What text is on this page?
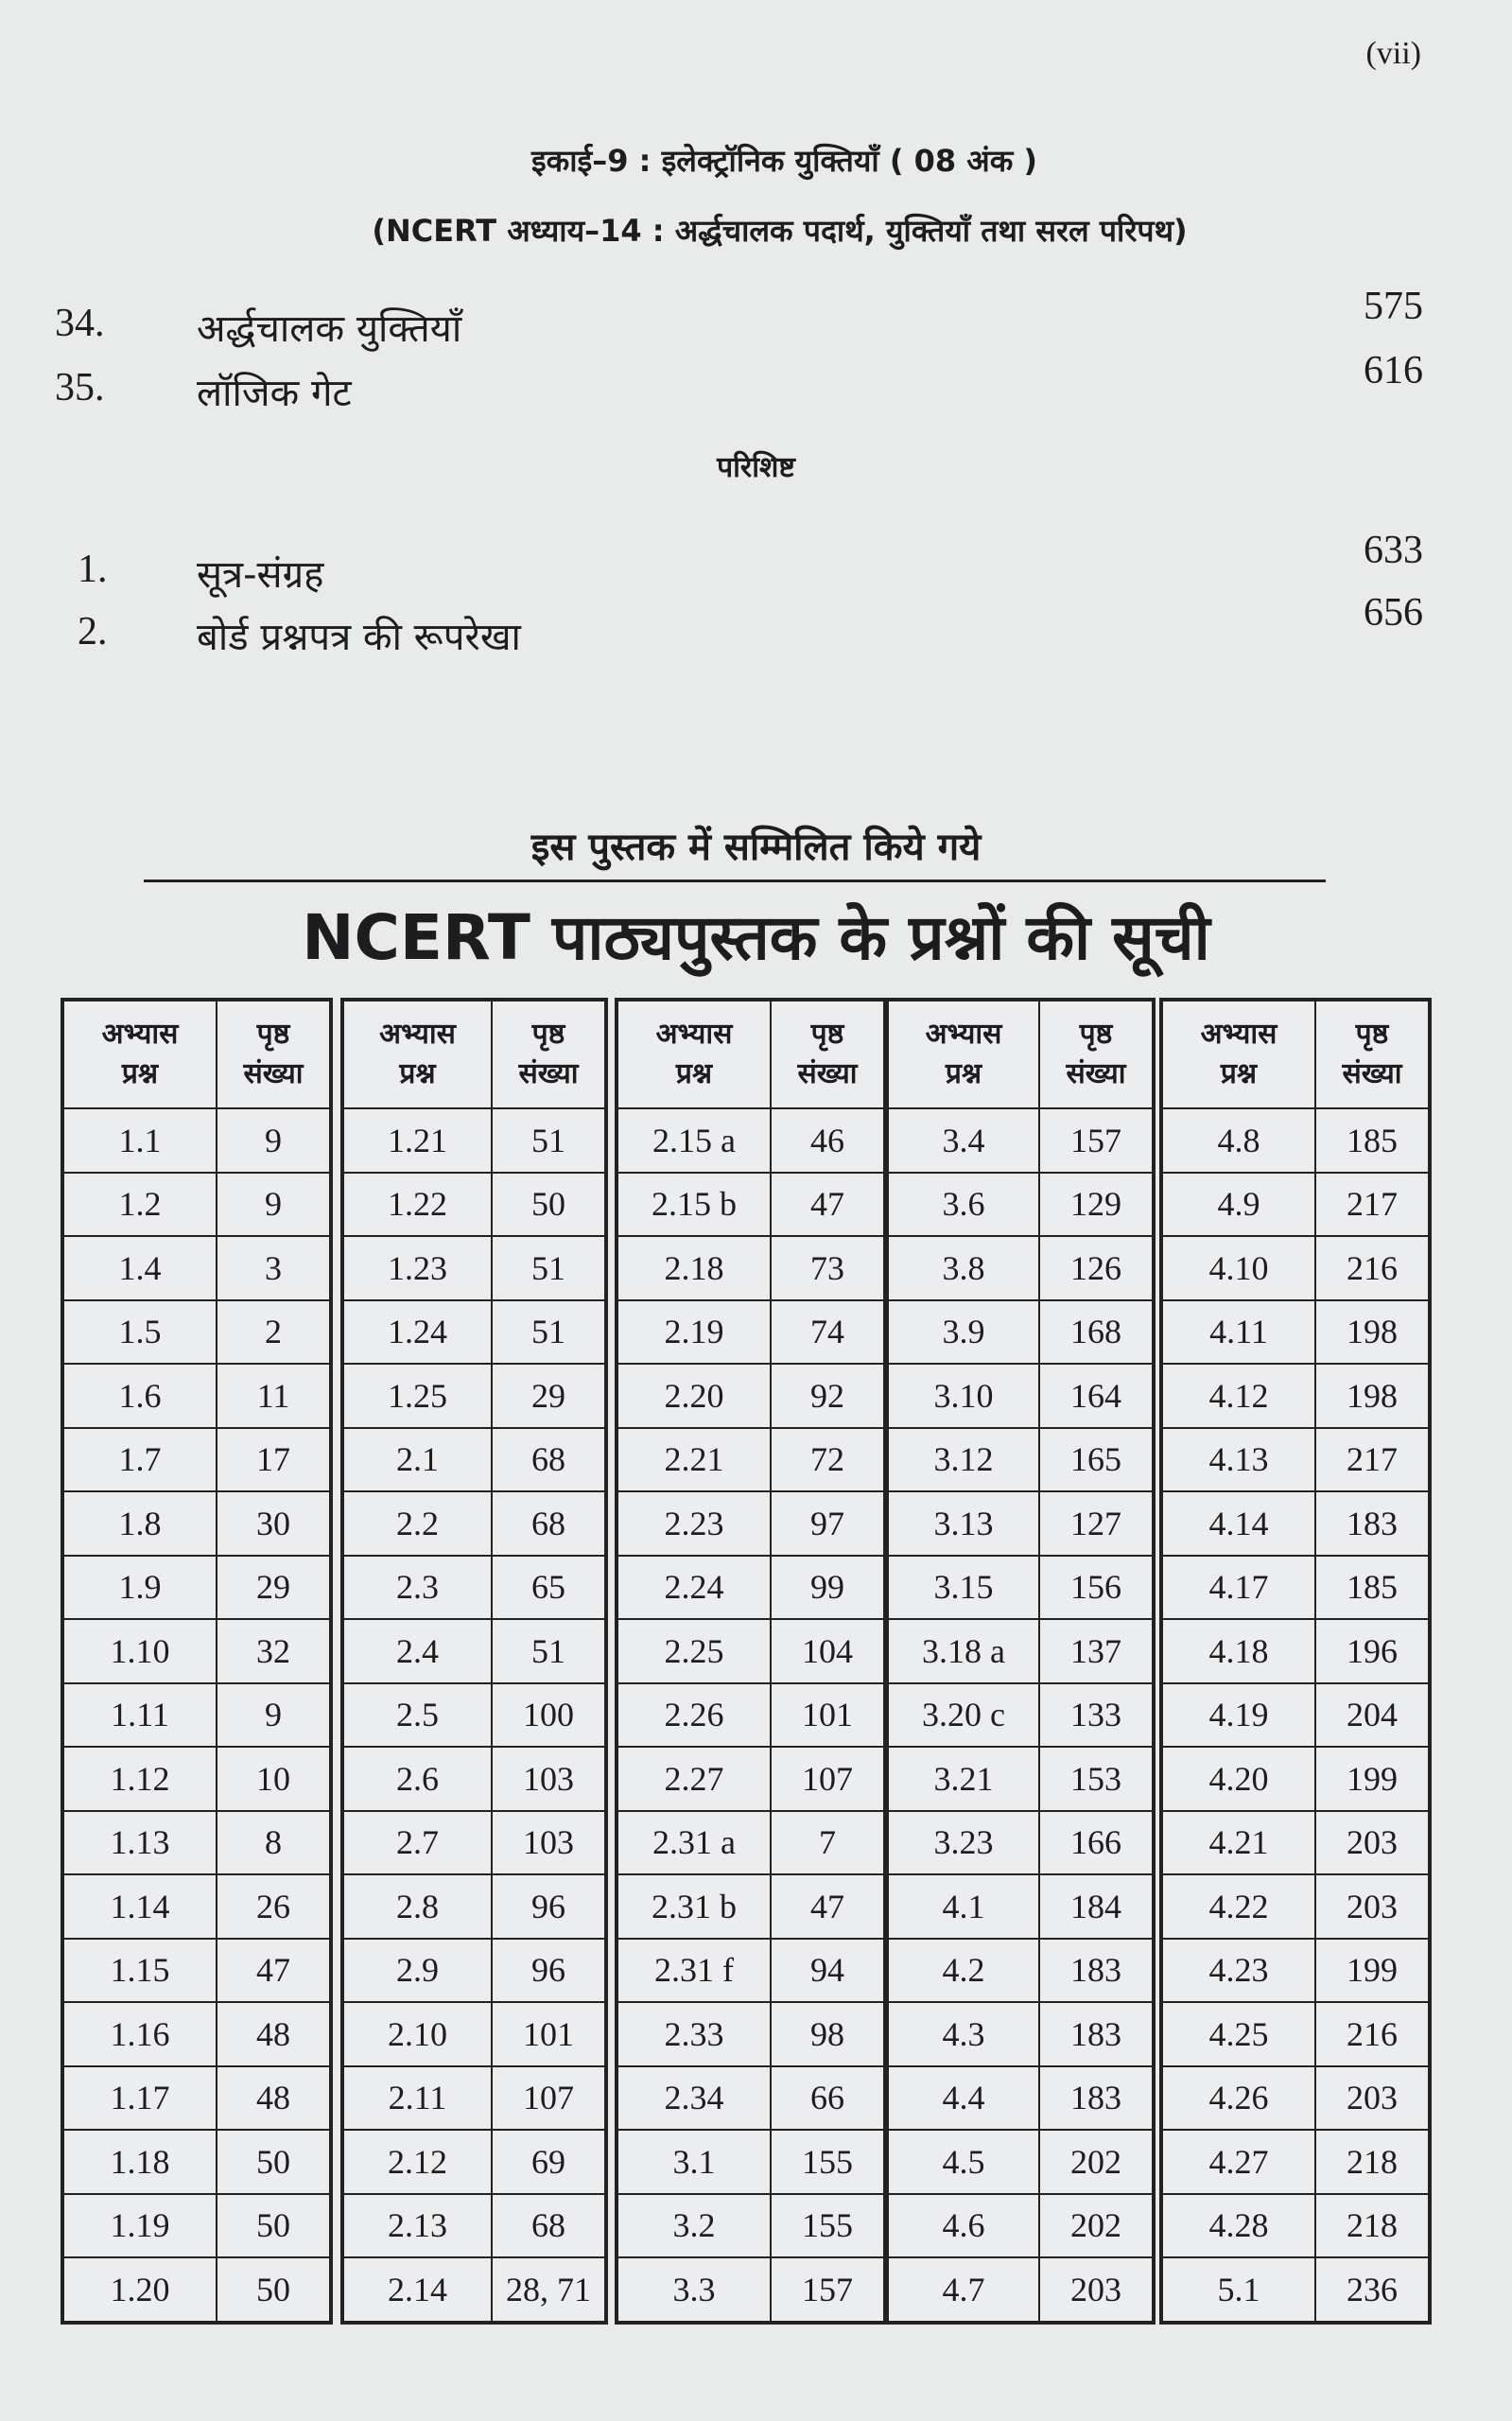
(vii)
इकाई–9 : इलेक्ट्रॉनिक युक्तियाँ ( 08 अंक )
(NCERT अध्याय–14 : अर्द्धचालक पदार्थ, युक्तियाँ तथा सरल परिपथ)
34. अर्द्धचालक युक्तियाँ
575
35. लॉजिक गेट
616
परिशिष्ट
1. सूत्र-संग्रह
633
2. बोर्ड प्रश्नपत्र की रूपरेखा
656
इस पुस्तक में सम्मिलित किये गये
NCERT पाठ्यपुस्तक के प्रश्नों की सूची
अभ्यास
प्रश्न	पृष्ठ
संख्या
1.1	9
1.2	9
1.4	3
1.5	2
1.6	11
1.7	17
1.8	30
1.9	29
1.10	32
1.11	9
1.12	10
1.13	8
1.14	26
1.15	47
1.16	48
1.17	48
1.18	50
1.19	50
1.20	50
अभ्यास
प्रश्न	पृष्ठ
संख्या
1.21	51
1.22	50
1.23	51
1.24	51
1.25	29
2.1	68
2.2	68
2.3	65
2.4	51
2.5	100
2.6	103
2.7	103
2.8	96
2.9	96
2.10	101
2.11	107
2.12	69
2.13	68
2.14	28, 71
अभ्यास
प्रश्न	पृष्ठ
संख्या
2.15 a	46
2.15 b	47
2.18	73
2.19	74
2.20	92
2.21	72
2.23	97
2.24	99
2.25	104
2.26	101
2.27	107
2.31 a	7
2.31 b	47
2.31 f	94
2.33	98
2.34	66
3.1	155
3.2	155
3.3	157
अभ्यास
प्रश्न	पृष्ठ
संख्या
3.4	157
3.6	129
3.8	126
3.9	168
3.10	164
3.12	165
3.13	127
3.15	156
3.18 a	137
3.20 c	133
3.21	153
3.23	166
4.1	184
4.2	183
4.3	183
4.4	183
4.5	202
4.6	202
4.7	203
अभ्यास
प्रश्न	पृष्ठ
संख्या
4.8	185
4.9	217
4.10	216
4.11	198
4.12	198
4.13	217
4.14	183
4.17	185
4.18	196
4.19	204
4.20	199
4.21	203
4.22	203
4.23	199
4.25	216
4.26	203
4.27	218
4.28	218
5.1	236
